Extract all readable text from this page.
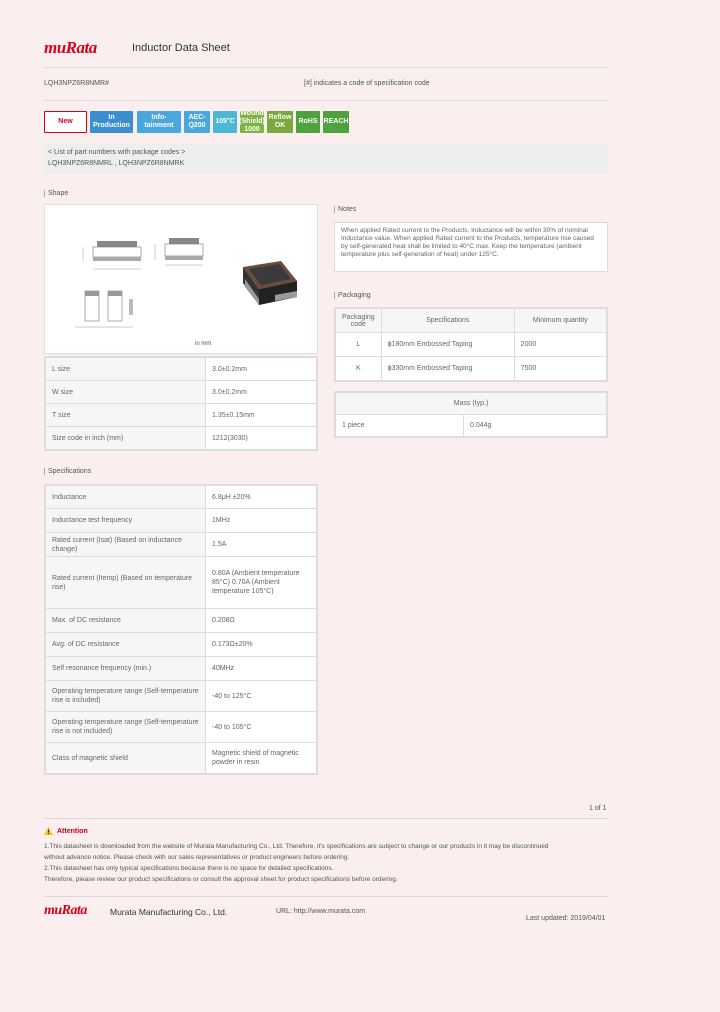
muRata	Inductor Data Sheet
LQH3NPZ6R8NMR#	[#] indicates a code of specification code
New
In Production
Info-tainment
AEC-Q200
105°C
Wound (Shield) 1000
Reflow OK
RoHS REACH
< List of part numbers with package codes >
LQH3NPZ6R8NMRL , LQH3NPZ6R8NMRK
Shape
in mm
L size	3.0±0.2mm
W size	3.0±0.2mm
T size	1.35±0.15mm
Size code in inch (mm)	1212(3030)
Specifications
Inductance	6.8μH ±20%
Inductance test frequency	1MHz
Rated current (Isat) (Based on inductance change)	1.5A
Rated current (Itemp) (Based on temperature rise)	0.80A (Ambient temperature 85°C) 0.70A (Ambient temperature 105°C)
Max. of DC resistance	0.208Ω
Avg. of DC resistance	0.173Ω±20%
Self resonance frequency (min.)	40MHz
Operating temperature range (Self-temperature rise is included)	-40 to 125°C
Operating temperature range (Self-temperature rise is not included)	-40 to 105°C
Class of magnetic shield	Magnetic shield of magnetic powder in resin
Notes
When applied Rated current to the Products, Inductance will be within 30% of nominal Inductance value. When applied Rated current to the Products, temperature rise caused by self-generated heat shall be limited to 40°C max. Keep the temperature (ambient temperature plus self-generation of heat) under 125°C.
Packaging
Packaging code	Specifications	Minimum quantity
L	ϕ180mm Embossed Taping	2000
K	ϕ330mm Embossed Taping	7500
Mass (typ.)
1 piece	0.044g
1 of 1
Attention
1.This datasheet is downloaded from the website of Murata Manufacturing Co., Ltd. Therefore, it's specifications are subject to change or our products in it may be discontinued
without advance notice. Please check with our sales representatives or product engineers before ordering.
2.This datasheet has only typical specifications because there is no space for detailed specifications.
Therefore, please review our product specifications or consult the approval sheet for product specifications before ordering.
muRata	Murata Manufacturing Co., Ltd.	URL: http://www.murata.com
Last updated: 2019/04/01
